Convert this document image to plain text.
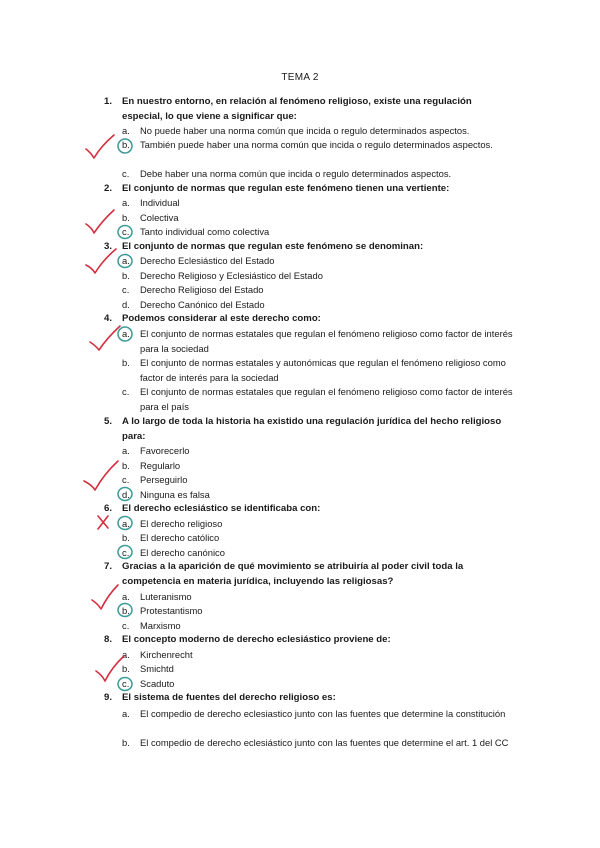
TEMA 2
1.	En nuestro entorno, en relación al fenómeno religioso, existe una regulación especial, lo que viene a significar que:
a.	No puede haber una norma común que incida o regulo determinados aspectos.
b.	También puede haber una norma común que incida o regulo determinados aspectos.
c.	Debe haber una norma común que incida o regulo determinados aspectos.
2.	El conjunto de normas que regulan este fenómeno tienen una vertiente:
a.	Individual
b.	Colectiva
c.	Tanto individual como colectiva
3.	El conjunto de normas que regulan este fenómeno se denominan:
a.	Derecho Eclesiástico del Estado
b.	Derecho Religioso y Eclesiástico del Estado
c.	Derecho Religioso del Estado
d.	Derecho Canónico del Estado
4.	Podemos considerar al este derecho como:
a.	El conjunto de normas estatales que regulan el fenómeno religioso como factor de interés para la sociedad
b.	El conjunto de normas estatales y autonómicas que regulan el fenómeno religioso como factor de interés para la sociedad
c.	El conjunto de normas estatales que regulan el fenómeno religioso como factor de interés para el país
5.	A lo largo de toda la historia ha existido una regulación jurídica del hecho religioso para:
a.	Favorecerlo
b.	Regularlo
c.	Perseguirlo
d.	Ninguna es falsa
6.	El derecho eclesiástico se identificaba con:
a.	El derecho religioso
b.	El derecho católico
c.	El derecho canónico
7.	Gracias a la aparición de qué movimiento se atribuiría al poder civil toda la competencia en materia jurídica, incluyendo las religiosas?
a.	Luteranismo
b.	Protestantismo
c.	Marxismo
8.	El concepto moderno de derecho eclesiástico proviene de:
a.	Kirchenrecht
b.	Smichtd
c.	Scaduto
9.	El sistema de fuentes del derecho religioso es:
a.	El compedio de derecho eclesiastico junto con las fuentes que determine la constitución
b.	El compedio de derecho eclesiástico junto con las fuentes que determine el art. 1 del CC
